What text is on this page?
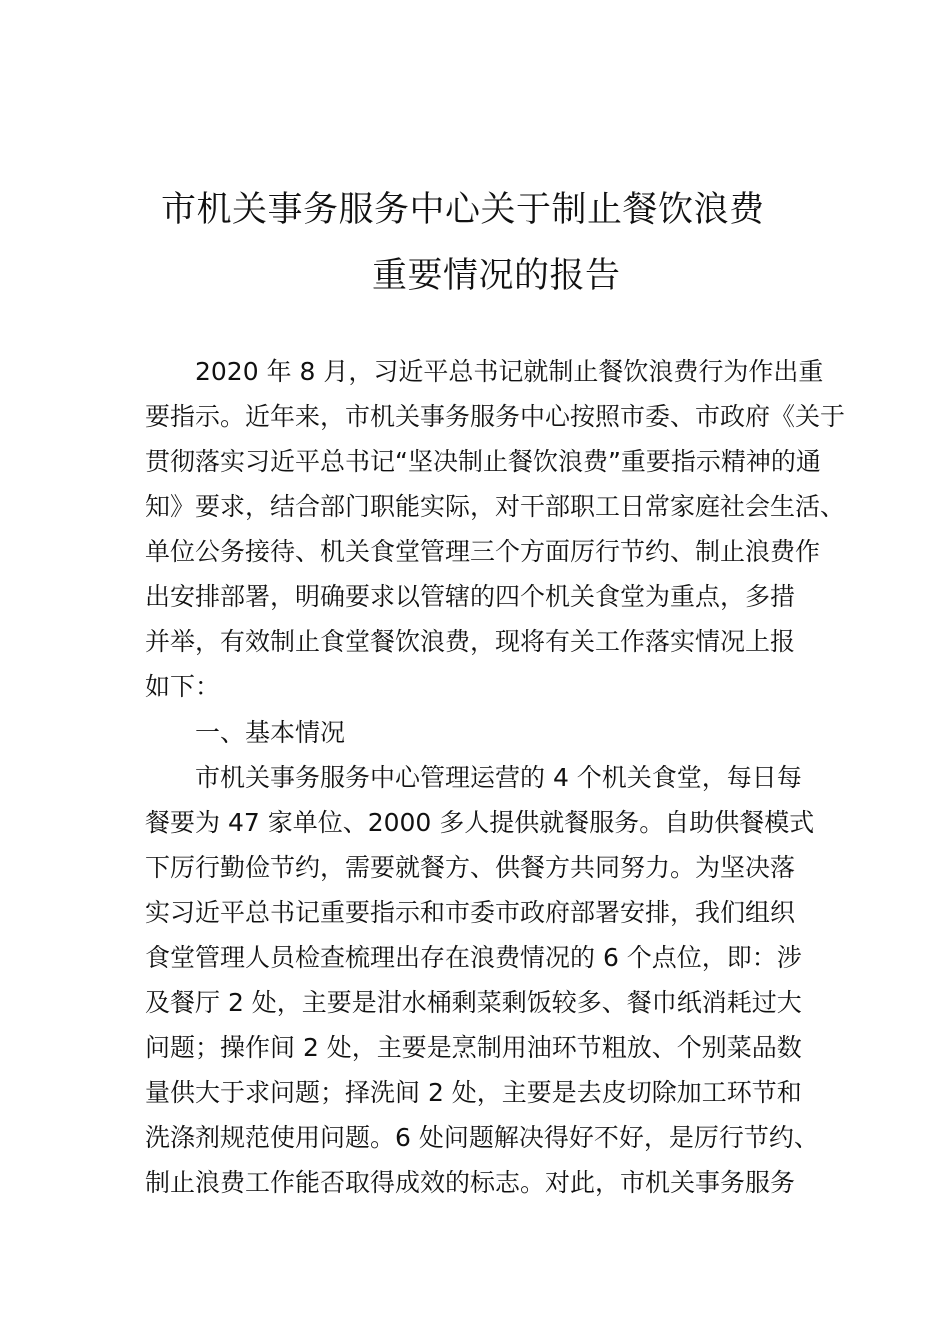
市机关事务服务中心关于制止餐饮浪费
重要情况的报告
2020 年 8 月，习近平总书记就制止餐饮浪费行为作出重
要指示。近年来，市机关事务服务中心按照市委、市政府《关于
贯彻落实习近平总书记“坚决制止餐饮浪费”重要指示精神的通
知》要求，结合部门职能实际，对干部职工日常家庭社会生活、
单位公务接待、机关食堂管理三个方面厉行节约、制止浪费作
出安排部署，明确要求以管辖的四个机关食堂为重点，多措
并举，有效制止食堂餐饮浪费，现将有关工作落实情况上报
如下：
一、基本情况
市机关事务服务中心管理运营的 4 个机关食堂，每日每
餐要为 47 家单位、2000 多人提供就餐服务。自助供餐模式
下厉行勤俭节约，需要就餐方、供餐方共同努力。为坚决落
实习近平总书记重要指示和市委市政府部署安排，我们组织
食堂管理人员检查梳理出存在浪费情况的 6 个点位，即：涉
及餐厅 2 处，主要是泔水桶剩菜剩饭较多、餐巾纸消耗过大
问题；操作间 2 处，主要是烹制用油环节粗放、个别菜品数
量供大于求问题；择洗间 2 处，主要是去皮切除加工环节和
洗涤剂规范使用问题。6 处问题解决得好不好，是厉行节约、
制止浪费工作能否取得成效的标志。对此，市机关事务服务
